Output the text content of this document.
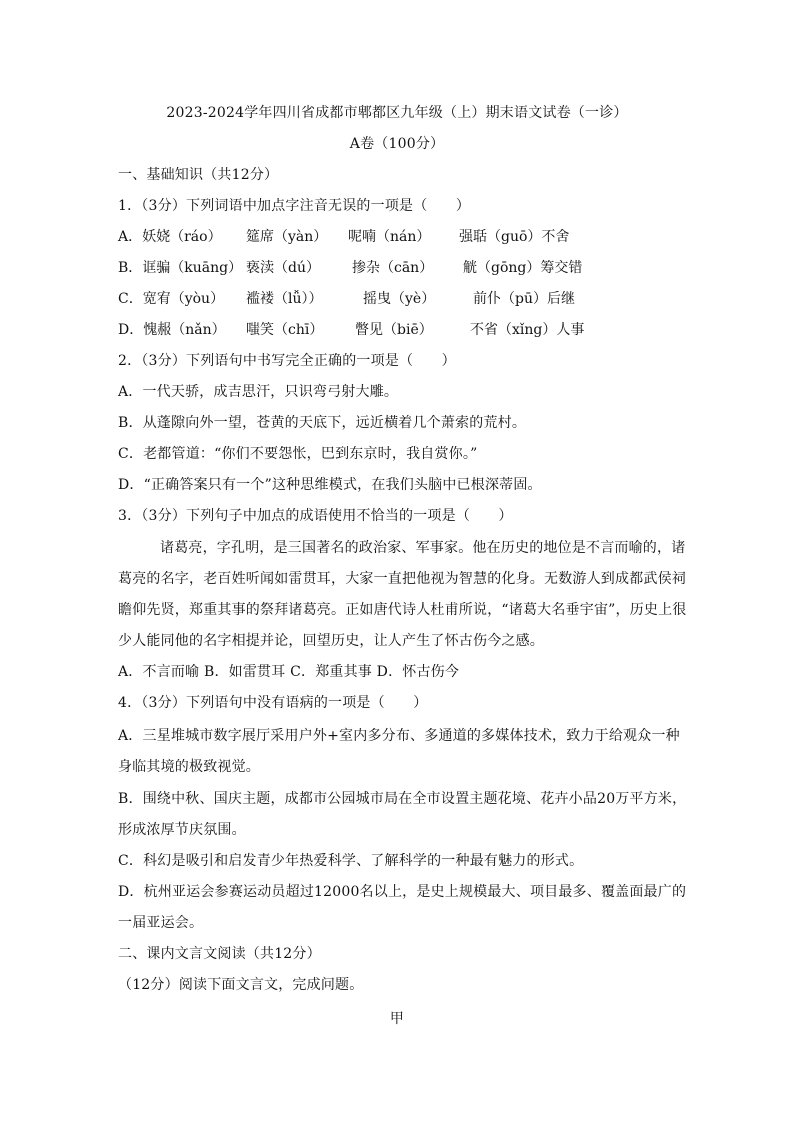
2023-2024学年四川省成都市郫都区九年级（上）期末语文试卷（一诊）
A卷（100分）
一、基础知识（共12分）
1．（3分）下列词语中加点字注音无误的一项是（　　）
A．妖娆（ráo） 筵席（yàn） 呢喃（nán） 强聒（guō）不舍
B．诓骗（kuāng） 亵渎（dú） 掺杂（cān） 觥（gōng）筹交错
C．宽宥（yòu） 褴褛（lǚ））	摇曳（yè）	前仆（pū）后继
D．愧赧（nǎn） 嗤笑（chī） 瞥见（biē）	不省（xǐng）人事
2．（3分）下列语句中书写完全正确的一项是（　　）
A．一代天骄，成吉思汗，只识弯弓射大雕。
B．从蓬隙向外一望，苍黄的天底下，远近横着几个萧索的荒村。
C．老都管道：“你们不要怨怅，巴到东京时，我自赏你。”
D．“正确答案只有一个”这种思维模式，在我们头脑中已根深蒂固。
3．（3分）下列句子中加点的成语使用不恰当的一项是（　　）
诸葛亮，字孔明，是三国著名的政治家、军事家。他在历史的地位是不言而喻的，诸
葛亮的名字，老百姓听闻如雷贯耳，大家一直把他视为智慧的化身。无数游人到成都武侯祠
瞻仰先贤，郑重其事的祭拜诸葛亮。正如唐代诗人杜甫所说，“诸葛大名垂宇宙”，历史上很
少人能同他的名字相提并论，回望历史，让人产生了怀古伤今之感。
A．不言而喻 B．如雷贯耳 C．郑重其事 D．怀古伤今
4．（3分）下列语句中没有语病的一项是（　　）
A．三星堆城市数字展厅采用户外+室内多分布、多通道的多媒体技术，致力于给观众一种
身临其境的极致视觉。
B．围绕中秋、国庆主题，成都市公园城市局在全市设置主题花境、花卉小品20万平方米，
形成浓厚节庆氛围。
C．科幻是吸引和启发青少年热爱科学、了解科学的一种最有魅力的形式。
D．杭州亚运会参赛运动员超过12000名以上，是史上规模最大、项目最多、覆盖面最广的
一届亚运会。
二、课内文言文阅读（共12分）
（12分）阅读下面文言文，完成问题。
甲
